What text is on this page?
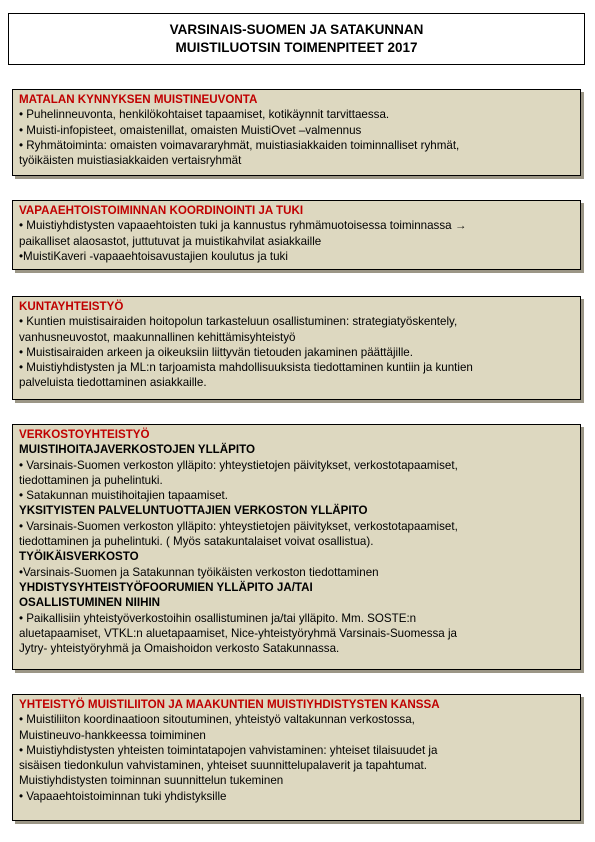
VARSINAIS-SUOMEN JA SATAKUNNAN
MUISTILUOTSIN TOIMENPITEET 2017
MATALAN KYNNYKSEN MUISTINEUVONTA
• Puhelinneuvonta, henkilökohtaiset tapaamiset, kotikäynnit tarvittaessa.
• Muisti-infopisteet, omaistenillat, omaisten MuistiOvet –valmennus
• Ryhmätoiminta: omaisten voimavararyhmät, muistiasiakkaiden toiminnalliset ryhmät,
työikäisten muistiasiakkaiden vertaisryhmät
VAPAAEHTOISTOIMINNAN KOORDINOINTI JA TUKI
• Muistiyhdistysten vapaaehtoisten tuki ja kannustus ryhmämuotoisessa toiminnassa →
paikalliset alaosastot, juttutuvat ja muistikahvilat asiakkaille
•MuistiKaveri -vapaaehtoisavustajien koulutus ja tuki
KUNTAYHTEISTYÖ
• Kuntien muistisairaiden hoitopolun tarkasteluun osallistuminen: strategiatyöskentely,
vanhusneuvostot, maakunnallinen kehittämisyhteistyö
• Muistisairaiden arkeen ja oikeuksiin liittyvän tietouden jakaminen päättäjille.
• Muistiyhdistysten ja ML:n tarjoamista mahdollisuuksista tiedottaminen kuntiin ja kuntien
palveluista tiedottaminen asiakkaille.
VERKOSTOYHTEISTYÖ
MUISTIHOITAJAVERKOSTOJEN YLLÄPITO
• Varsinais-Suomen verkoston ylläpito: yhteystietojen päivitykset, verkostotapaamiset,
tiedottaminen ja puhelintuki.
• Satakunnan muistihoitajien tapaamiset.
YKSITYISTEN PALVELUNTUOTTAJIEN VERKOSTON YLLÄPITO
• Varsinais-Suomen verkoston ylläpito: yhteystietojen päivitykset, verkostotapaamiset,
tiedottaminen ja puhelintuki. ( Myös satakuntalaiset voivat osallistua).
TYÖIKÄISVERKOSTO
•Varsinais-Suomen ja Satakunnan työikäisten verkoston tiedottaminen
YHDISTYSYHTEISTYÖFOORUMIEN YLLÄPITO JA/TAI
OSALLISTUMINEN NIIHIN
• Paikallisiin yhteistyöverkostoihin osallistuminen ja/tai ylläpito. Mm. SOSTE:n
aluetapaamiset, VTKL:n aluetapaamiset, Nice-yhteistyöryhmä Varsinais-Suomessa ja
Jytry- yhteistyöryhmä ja Omaishoidon verkosto Satakunnassa.
YHTEISTYÖ MUISTILIITON JA MAAKUNTIEN MUISTIYHDISTYSTEN KANSSA
• Muistiliiton koordinaatioon sitoutuminen, yhteistyö valtakunnan verkostossa,
Muistineuvo-hankkeessa toimiminen
• Muistiyhdistysten yhteisten toimintatapojen vahvistaminen: yhteiset tilaisuudet ja
sisäisen tiedonkulun vahvistaminen, yhteiset suunnittelupalaverit ja tapahtumat.
Muistiyhdistysten toiminnan suunnittelun tukeminen
• Vapaaehtoistoiminnan tuki yhdistyksille
